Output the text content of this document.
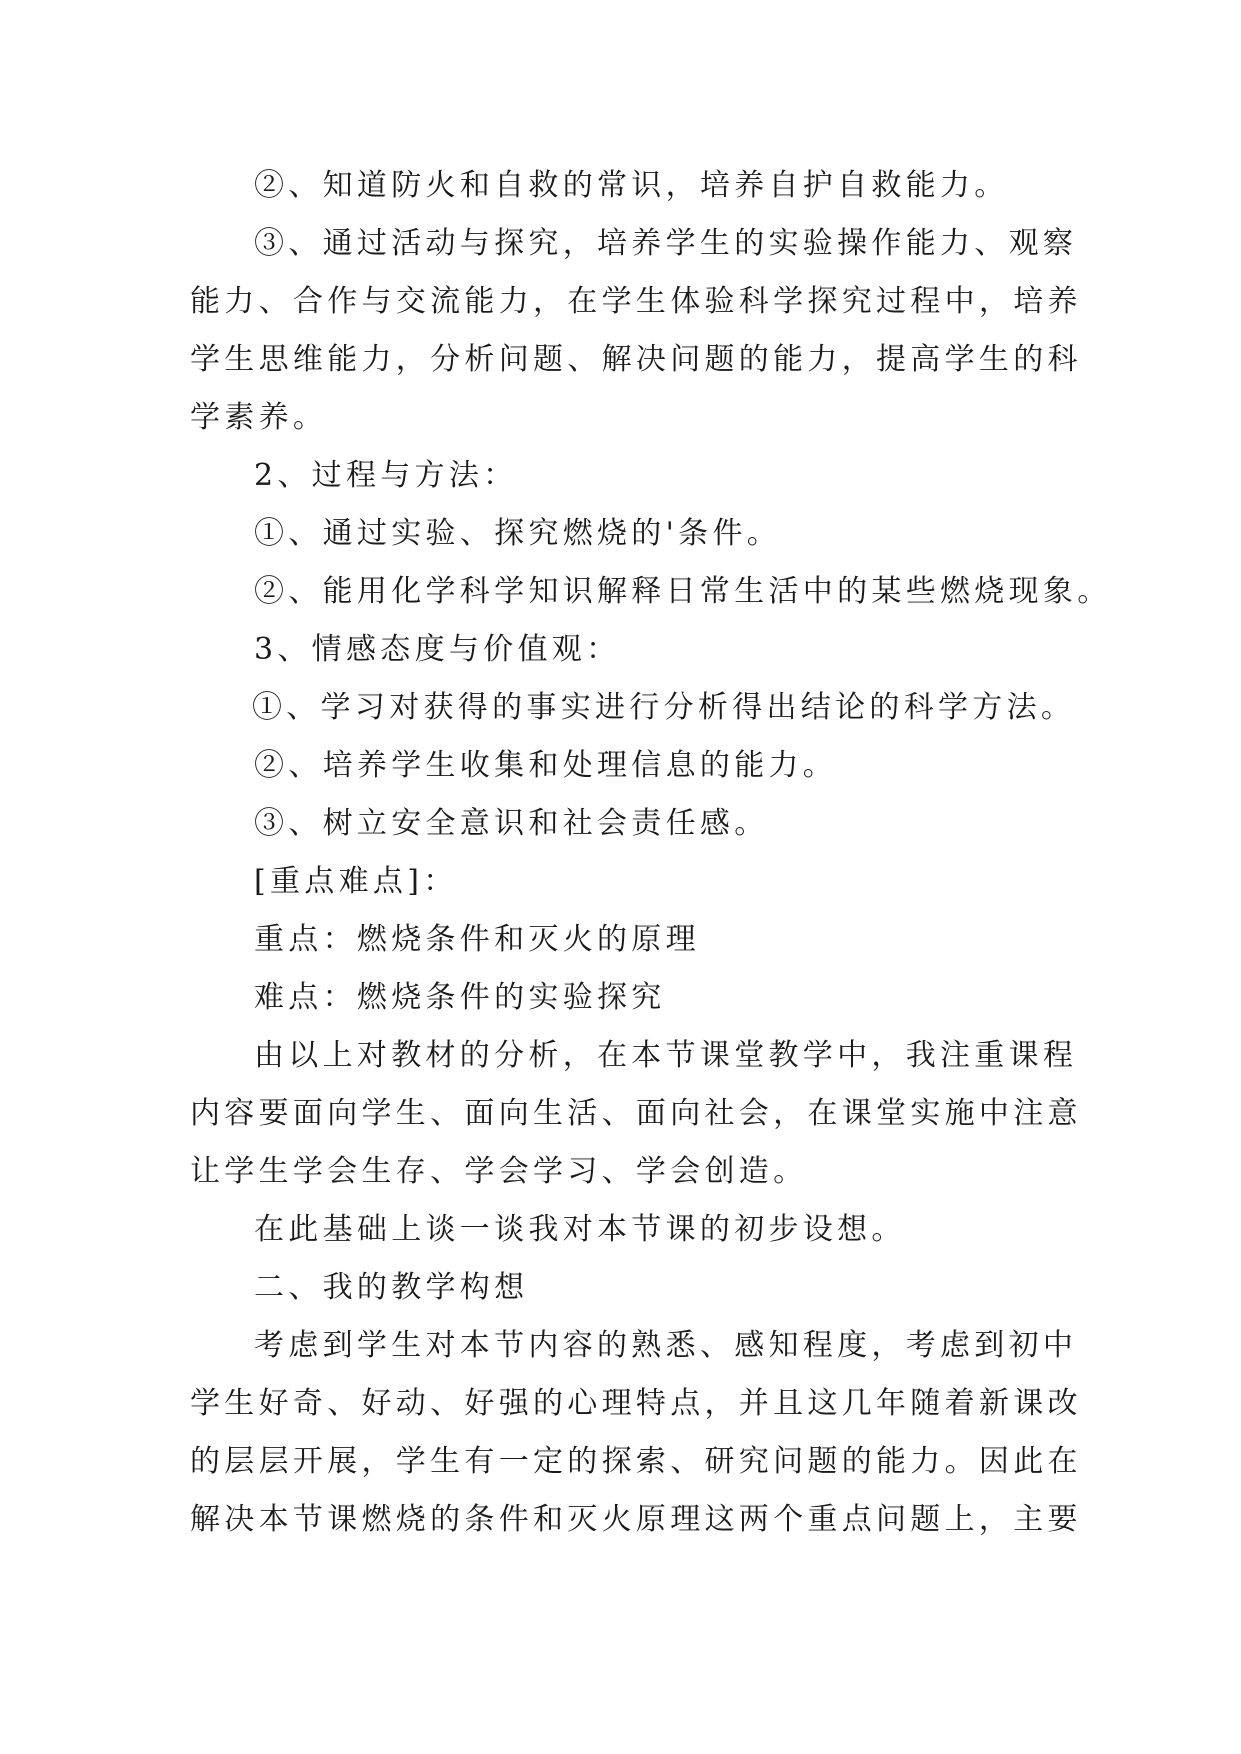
②、知道防火和自救的常识，培养自护自救能力。
③、通过活动与探究，培养学生的实验操作能力、观察
能力、合作与交流能力，在学生体验科学探究过程中，培养
学生思维能力，分析问题、解决问题的能力，提高学生的科
学素养。
2、过程与方法：
①、通过实验、探究燃烧的'条件。
②、能用化学科学知识解释日常生活中的某些燃烧现象。
3、情感态度与价值观：
①、学习对获得的事实进行分析得出结论的科学方法。
②、培养学生收集和处理信息的能力。
③、树立安全意识和社会责任感。
[重点难点]：
重点：燃烧条件和灭火的原理
难点：燃烧条件的实验探究
由以上对教材的分析，在本节课堂教学中，我注重课程
内容要面向学生、面向生活、面向社会，在课堂实施中注意
让学生学会生存、学会学习、学会创造。
在此基础上谈一谈我对本节课的初步设想。
二、我的教学构想
考虑到学生对本节内容的熟悉、感知程度，考虑到初中
学生好奇、好动、好强的心理特点，并且这几年随着新课改
的层层开展，学生有一定的探索、研究问题的能力。因此在
解决本节课燃烧的条件和灭火原理这两个重点问题上，主要
